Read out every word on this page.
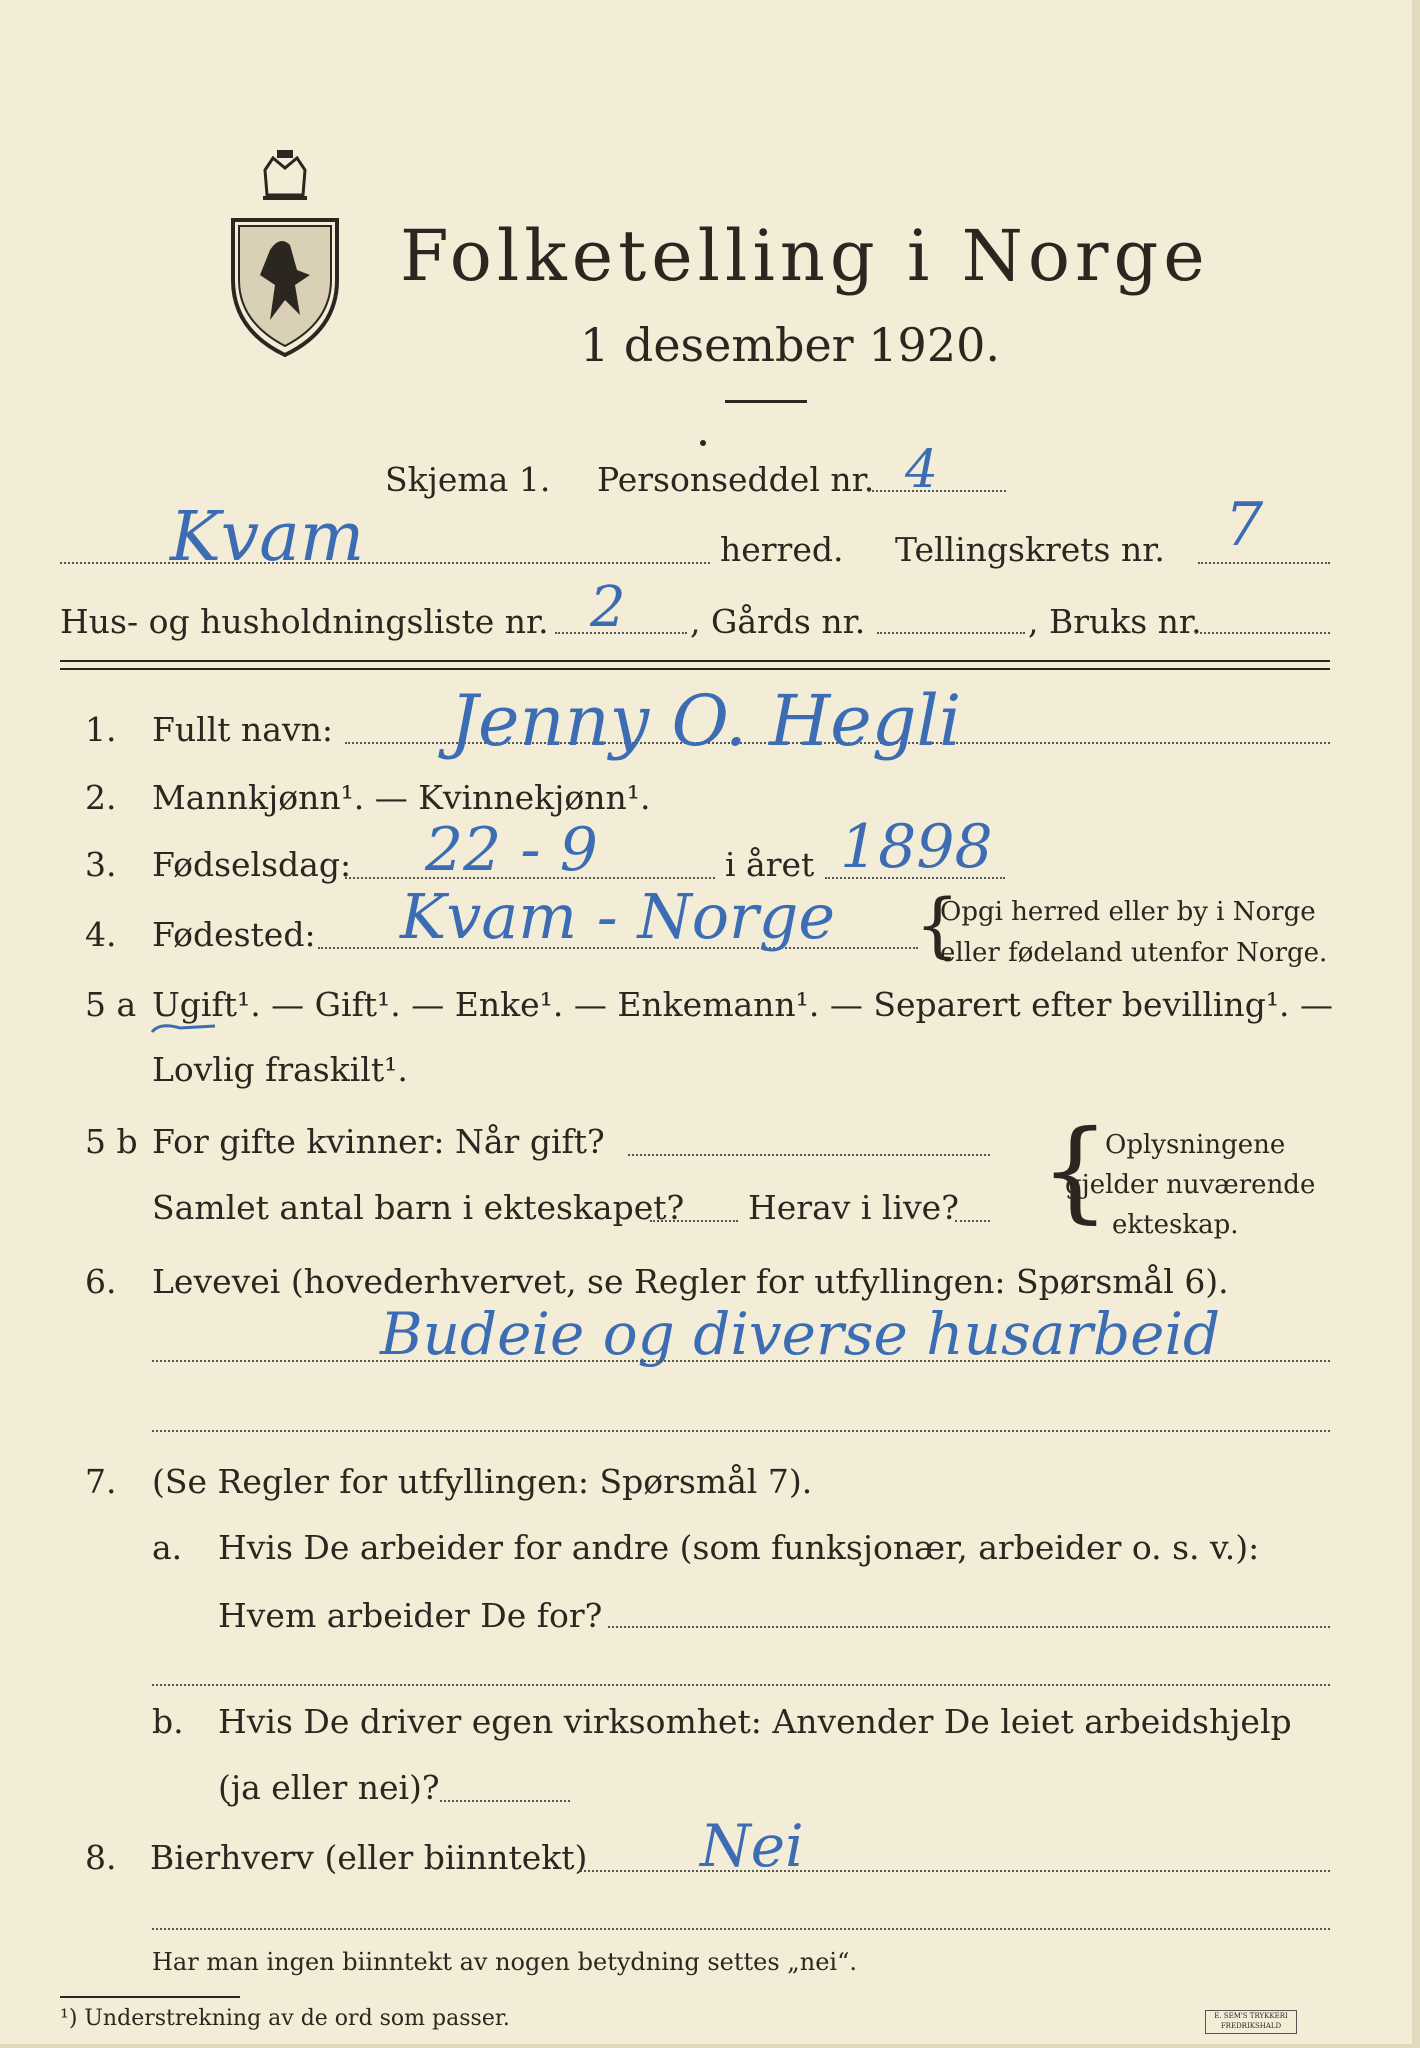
Folketelling i Norge
1 desember 1920.
Skjema 1. Personseddel nr. 4
Kvam	herred. Tellingskrets nr. 7
Hus- og husholdningsliste nr. 2 , Gårds nr.	, Bruks nr.
1. Fullt navn: Jenny O. Hegli
2. Mannkjønn¹. — Kvinnekjønn¹.
3. Fødselsdag: 22 - 9	i året 1898
4. Fødested: Kvam - Norge {
Opgi herred eller by i Norge
eller fødeland utenfor Norge.
5 a Ugift¹. — Gift¹. — Enke¹. — Enkemann¹. — Separert efter bevilling¹. —
Lovlig fraskilt¹.
5 b For gifte kvinner: Når gift?
Samlet antal barn i ekteskapet? Herav i live? {
Oplysningene
gjelder nuværende
ekteskap.
6. Levevei (hovederhvervet, se Regler for utfyllingen: Spørsmål 6).
Budeie og diverse husarbeid
7. (Se Regler for utfyllingen: Spørsmål 7).
a. Hvis De arbeider for andre (som funksjonær, arbeider o. s. v.):
Hvem arbeider De for?
b. Hvis De driver egen virksomhet: Anvender De leiet arbeidshjelp
(ja eller nei)?
8. Bierhverv (eller biinntekt) Nei
Har man ingen biinntekt av nogen betydning settes „nei“.
¹) Understrekning av de ord som passer.	E. SEM'S TRYKKERI FREDRIKSHALD
